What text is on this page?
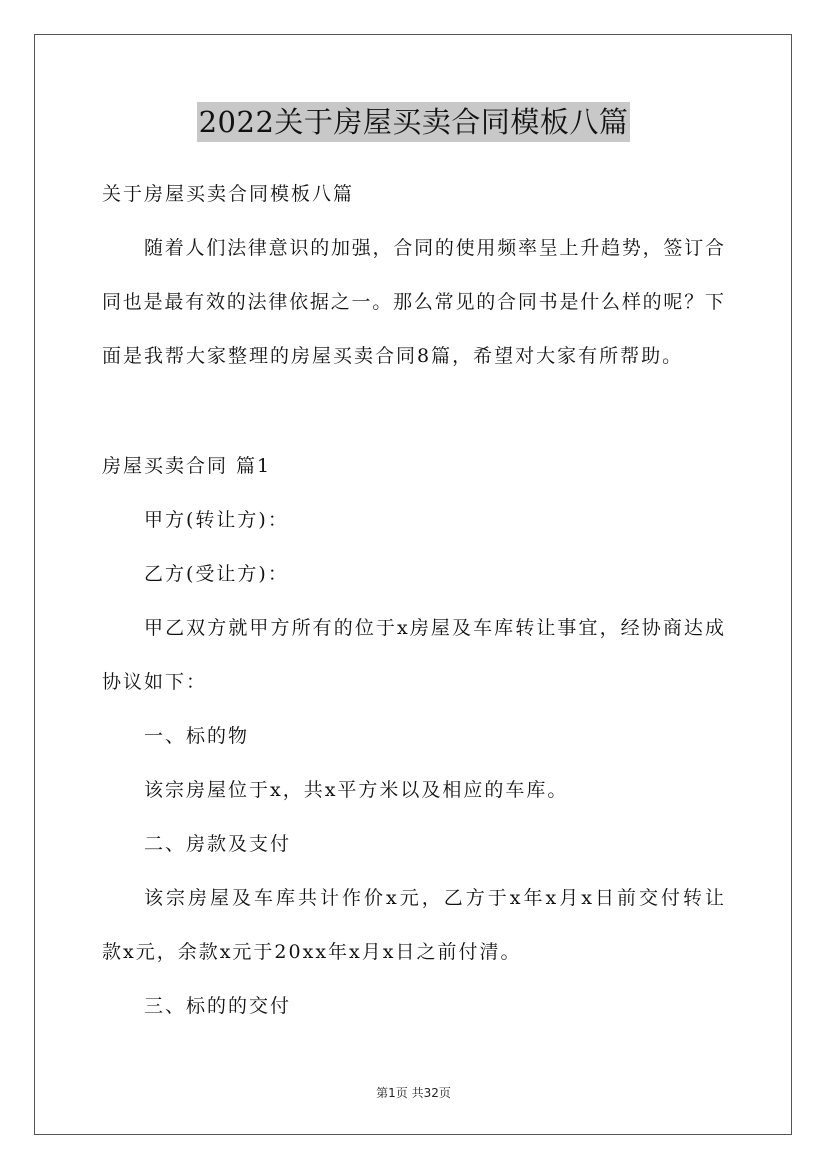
2022关于房屋买卖合同模板八篇
关于房屋买卖合同模板八篇
随着人们法律意识的加强，合同的使用频率呈上升趋势，签订合
同也是最有效的法律依据之一。那么常见的合同书是什么样的呢？下
面是我帮大家整理的房屋买卖合同8篇，希望对大家有所帮助。
房屋买卖合同 篇1
甲方(转让方)：
乙方(受让方)：
甲乙双方就甲方所有的位于x房屋及车库转让事宜，经协商达成
协议如下：
一、标的物
该宗房屋位于x，共x平方米以及相应的车库。
二、房款及支付
该宗房屋及车库共计作价x元，乙方于x年x月x日前交付转让
款x元，余款x元于20xx年x月x日之前付清。
三、标的的交付
第1页 共32页
